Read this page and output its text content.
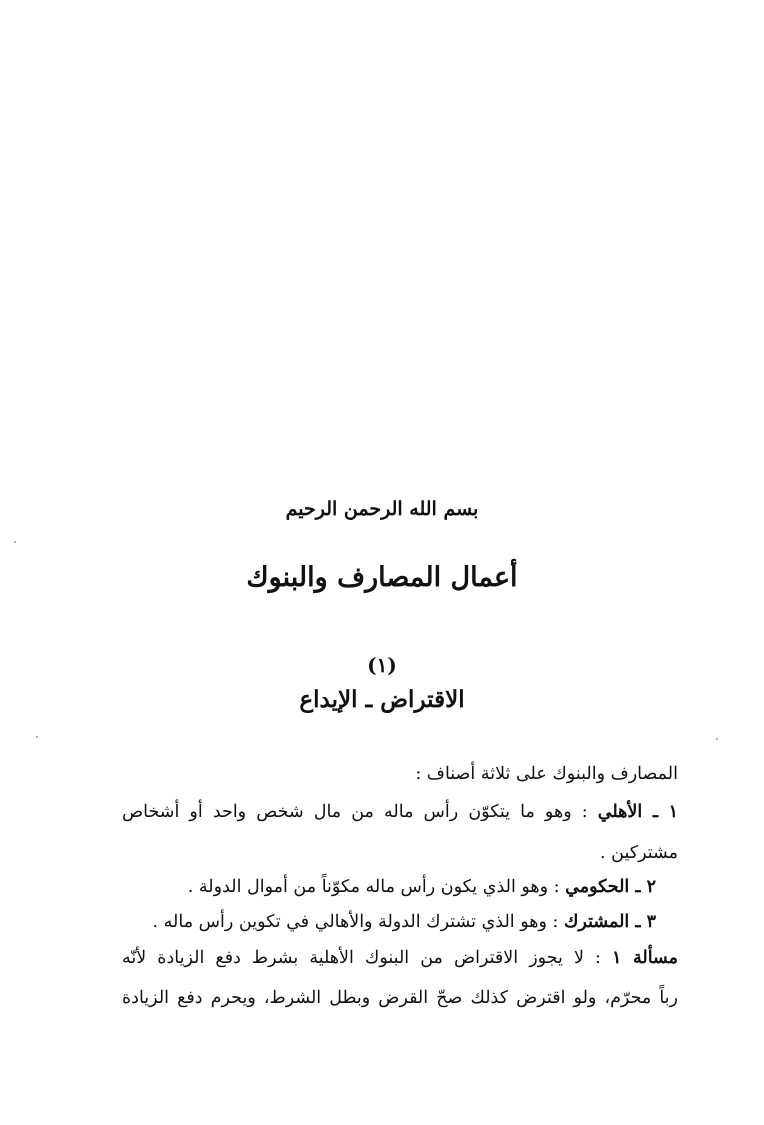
بسم الله الرحمن الرحيم
أعمال المصارف والبنوك
(١)
الاقتراض ـ الإيداع
المصارف والبنوك على ثلاثة أصناف :
١ ـ الأهلي : وهو ما يتكوّن رأس ماله من مال شخص واحد أو أشخاص
مشتركين .
٢ ـ الحكومي : وهو الذي يكون رأس ماله مكوّناً من أموال الدولة .
٣ ـ المشترك : وهو الذي تشترك الدولة والأهالي في تكوين رأس ماله .
مسألة ١ : لا يجوز الاقتراض من البنوك الأهلية بشرط دفع الزيادة لأنّه
رباً محرّم، ولو اقترض كذلك صحّ القرض وبطل الشرط، ويحرم دفع الزيادة
